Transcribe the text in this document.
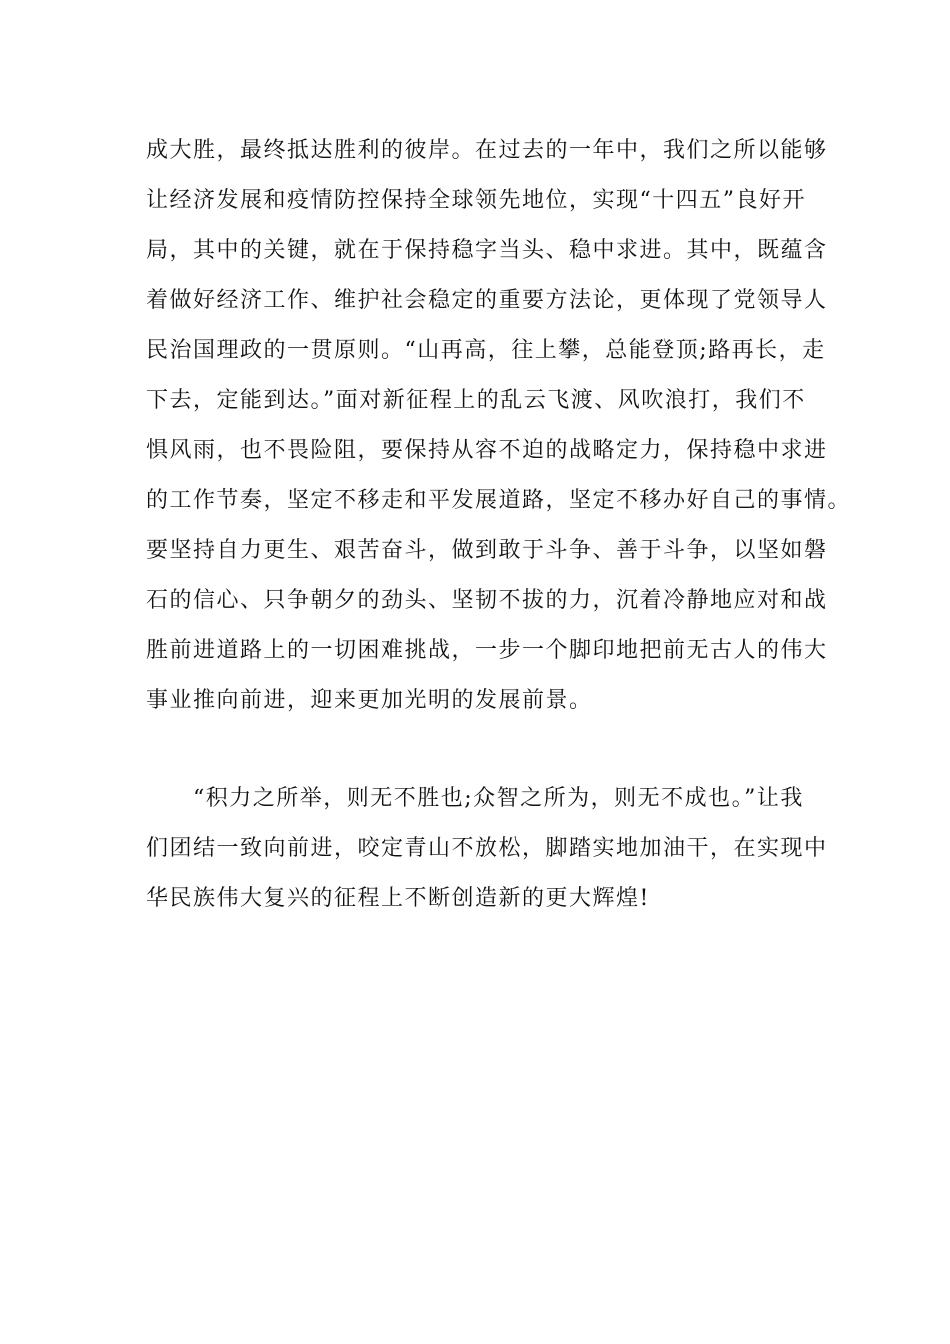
成大胜，最终抵达胜利的彼岸。在过去的一年中，我们之所以能够
让经济发展和疫情防控保持全球领先地位，实现“十四五”良好开
局，其中的关键，就在于保持稳字当头、稳中求进。其中，既蕴含
着做好经济工作、维护社会稳定的重要方法论，更体现了党领导人
民治国理政的一贯原则。“山再高，往上攀，总能登顶;路再长，走
下去，定能到达。”面对新征程上的乱云飞渡、风吹浪打，我们不
惧风雨，也不畏险阻，要保持从容不迫的战略定力，保持稳中求进
的工作节奏，坚定不移走和平发展道路，坚定不移办好自己的事情。
要坚持自力更生、艰苦奋斗，做到敢于斗争、善于斗争，以坚如磐
石的信心、只争朝夕的劲头、坚韧不拔的力，沉着冷静地应对和战
胜前进道路上的一切困难挑战，一步一个脚印地把前无古人的伟大
事业推向前进，迎来更加光明的发展前景。
　　“积力之所举，则无不胜也;众智之所为，则无不成也。”让我
们团结一致向前进，咬定青山不放松，脚踏实地加油干，在实现中
华民族伟大复兴的征程上不断创造新的更大辉煌!
